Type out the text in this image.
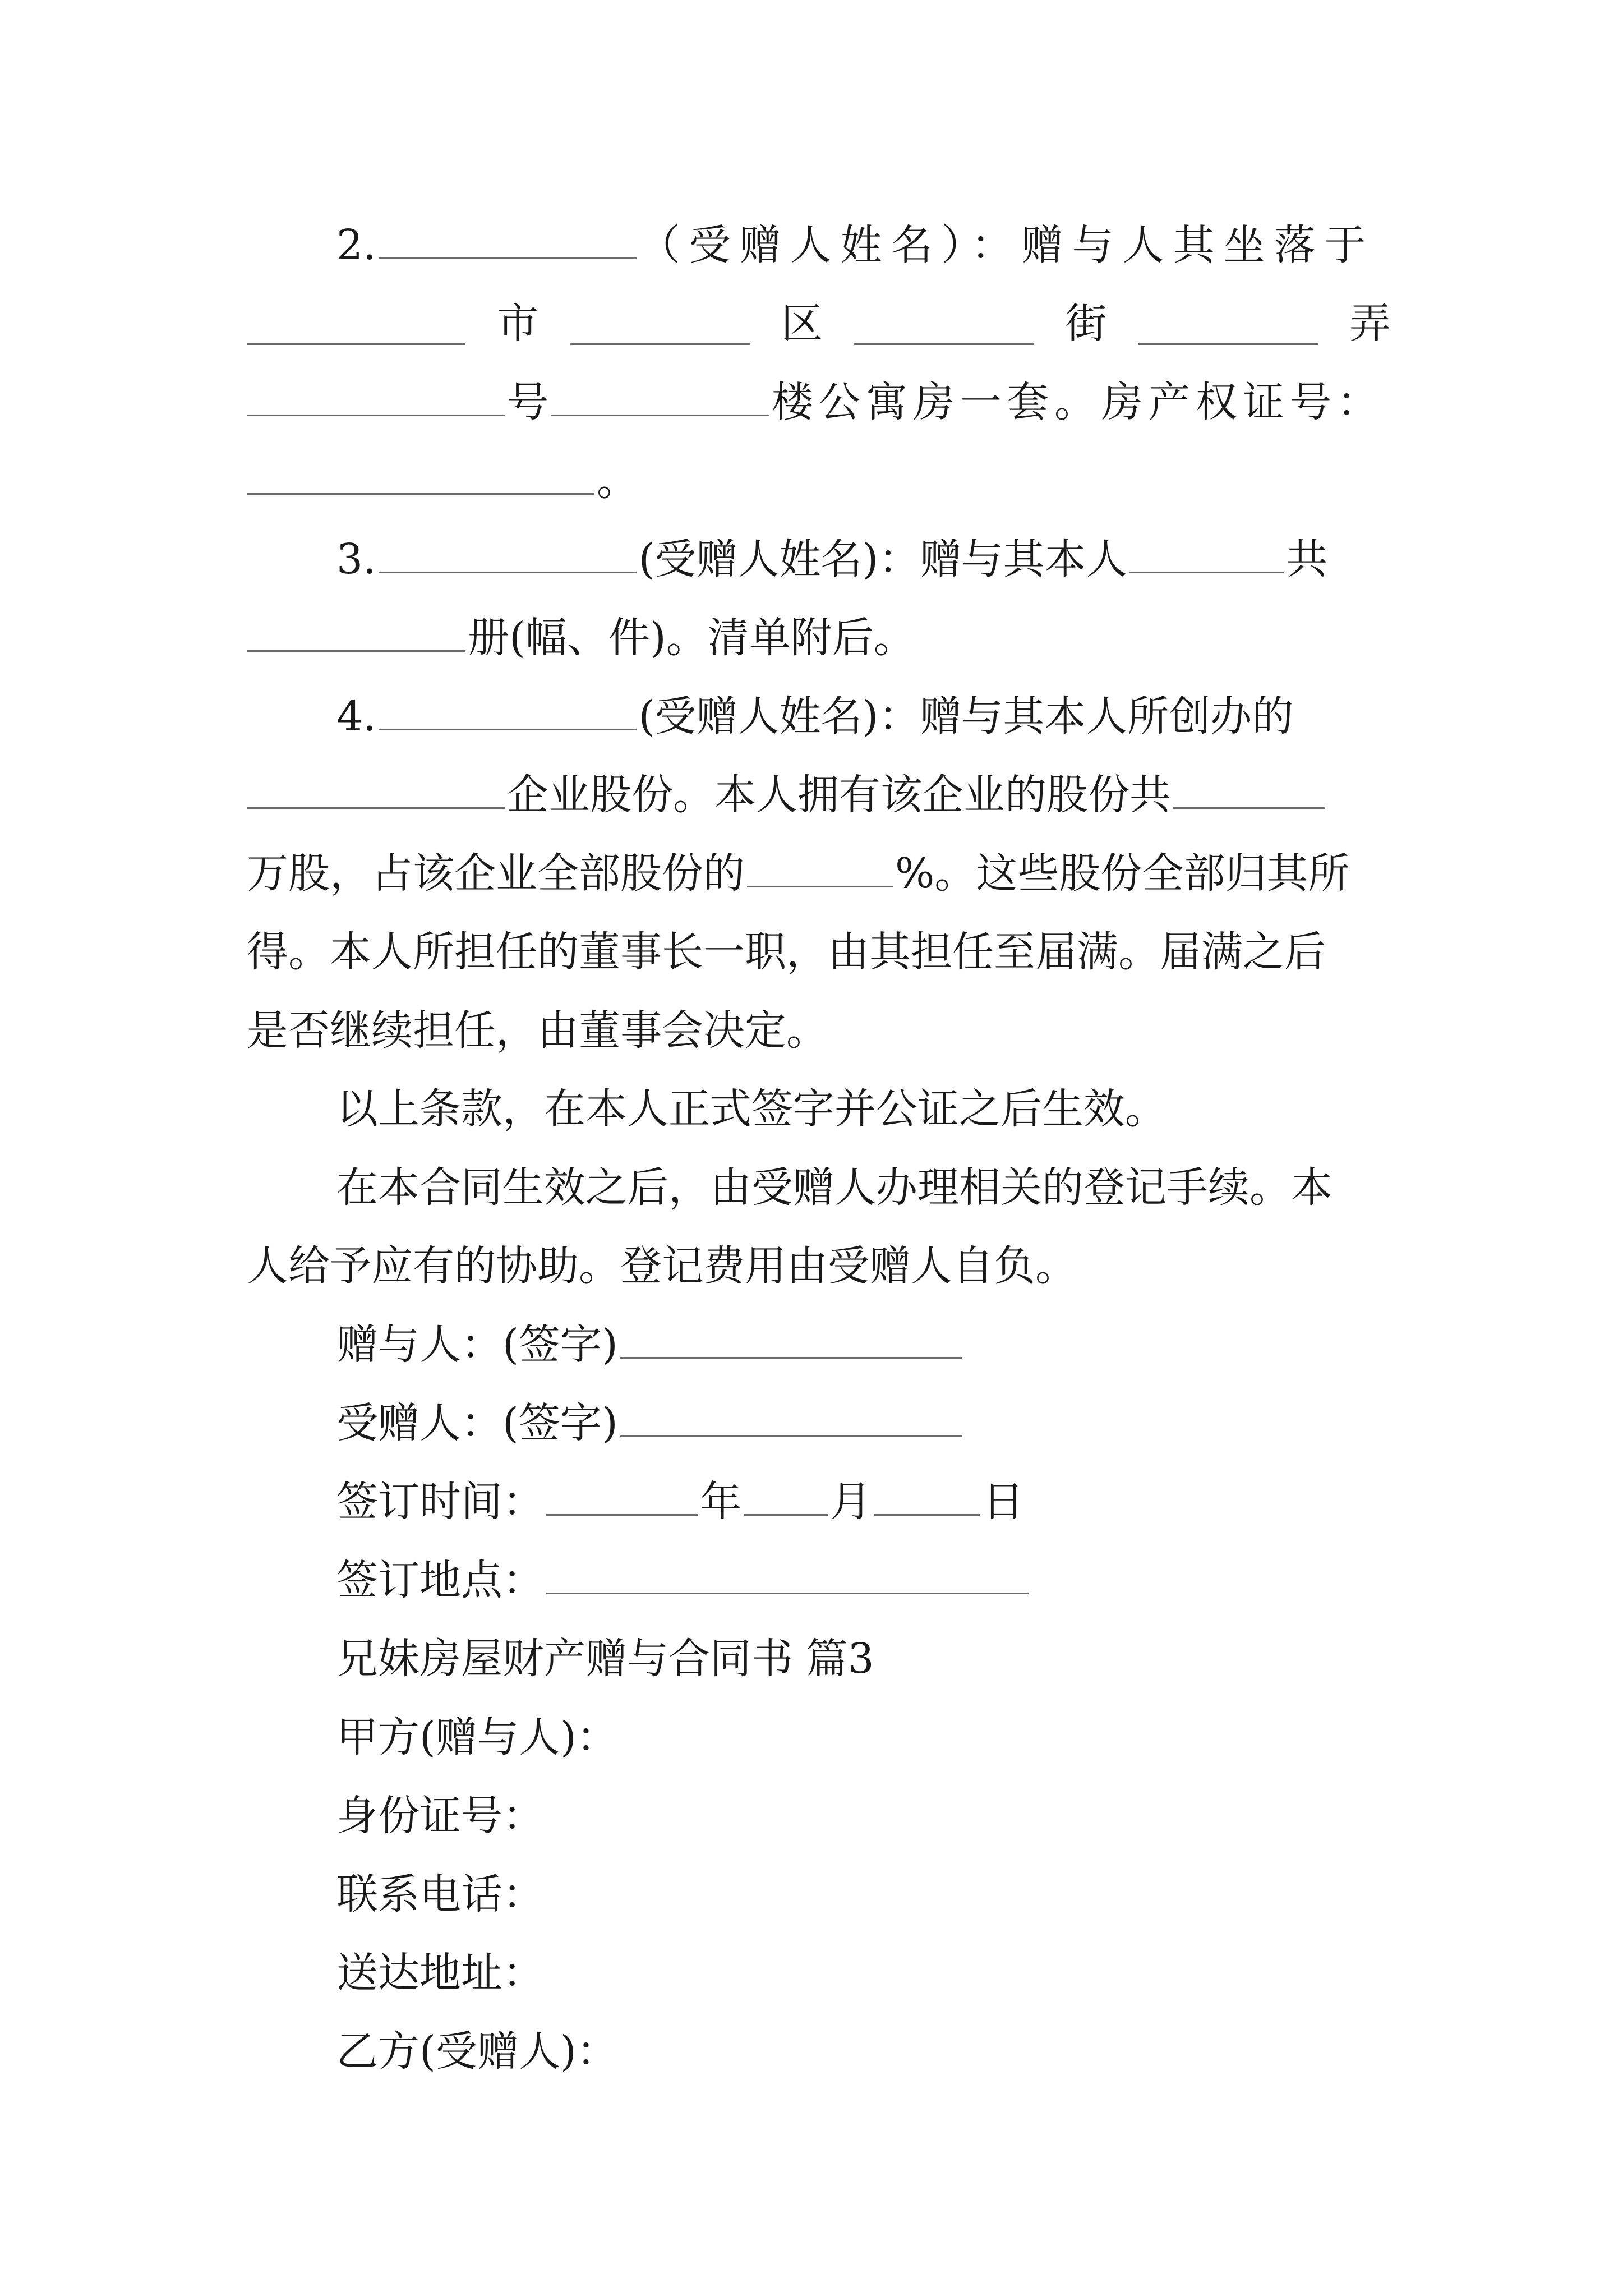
2.	（受赠人姓名）：赠与人其坐落于
市	区	街	弄
号	楼公寓房一套。房产权证号：
。
3.	(受赠人姓名)：赠与其本人	共
册(幅、件)。清单附后。
4.	(受赠人姓名)：赠与其本人所创办的
企业股份。本人拥有该企业的股份共
万股，占该企业全部股份的	%。这些股份全部归其所
得。本人所担任的董事长一职，由其担任至届满。届满之后
是否继续担任，由董事会决定。
以上条款，在本人正式签字并公证之后生效。
在本合同生效之后，由受赠人办理相关的登记手续。本
人给予应有的协助。登记费用由受赠人自负。
赠与人：(签字)
受赠人：(签字)
签订时间：	年 月	日
签订地点：
兄妹房屋财产赠与合同书 篇3
甲方(赠与人)：
身份证号：
联系电话：
送达地址：
乙方(受赠人)：
